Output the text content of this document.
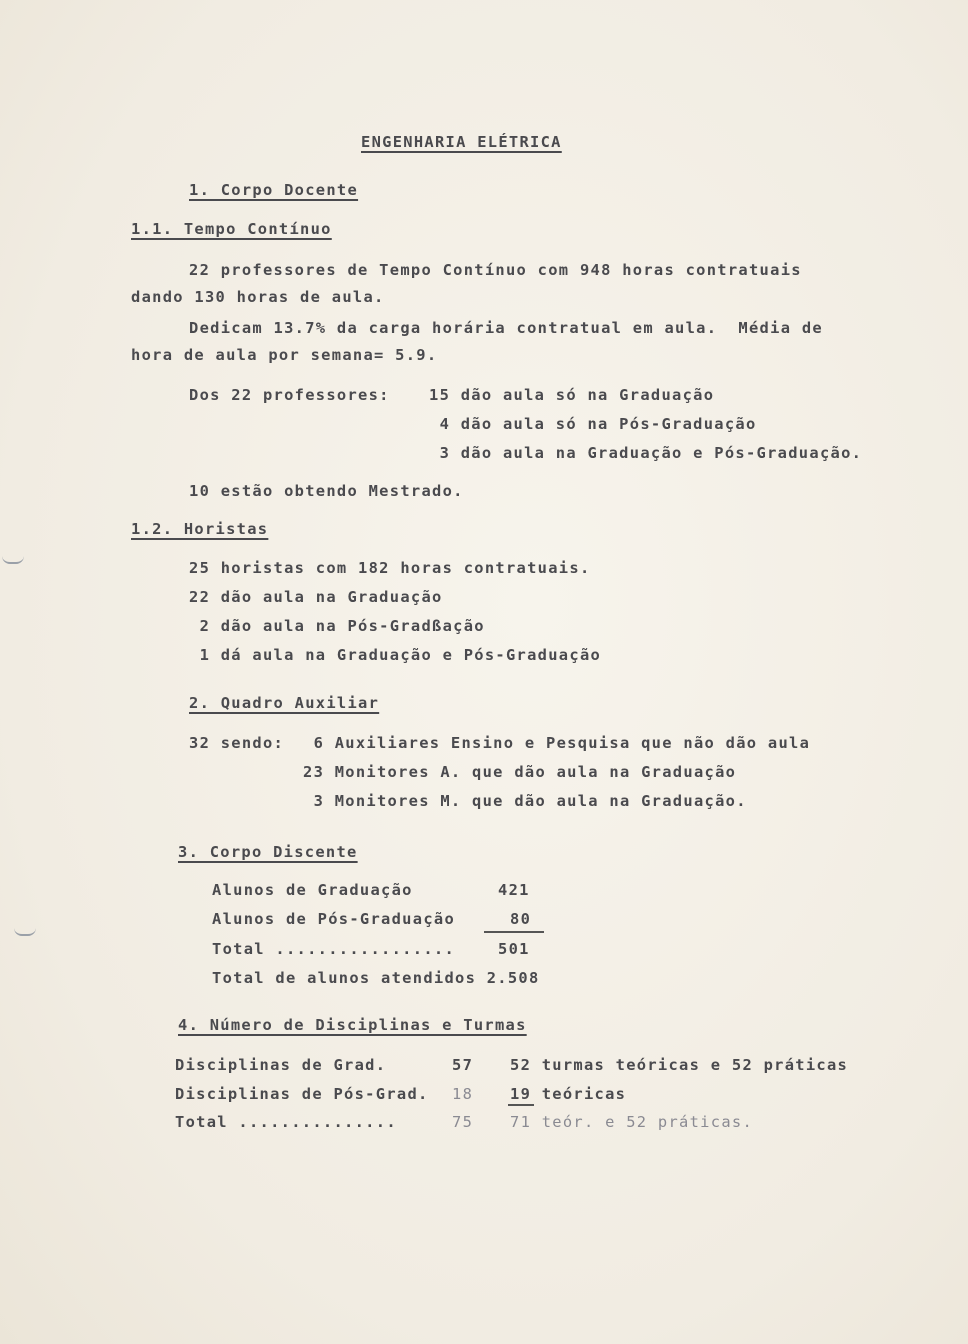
ENGENHARIA ELÉTRICA

1. Corpo Docente

1.1. Tempo Contínuo

22 professores de Tempo Contínuo com 948 horas contratuais

dando 130 horas de aula.

Dedicam 13.7% da carga horária contratual em aula.  Média de

hora de aula por semana= 5.9.

Dos 22 professores:	15 dão aula só na Graduação

4 dão aula só na Pós-Graduação

3 dão aula na Graduação e Pós-Graduação.

10 estão obtendo Mestrado.

1.2. Horistas

25 horistas com 182 horas contratuais.

22 dão aula na Graduação

2 dão aula na Pós-Gradßação

1 dá aula na Graduação e Pós-Graduação

2. Quadro Auxiliar

32 sendo: 6 Auxiliares Ensino e Pesquisa que não dão aula

23 Monitores A. que dão aula na Graduação

3 Monitores M. que dão aula na Graduação.

3. Corpo Discente

Alunos de Graduação	421

Alunos de Pós-Graduação	80

Total .................	501

Total de alunos atendidos 2.508

4. Número de Disciplinas e Turmas

Disciplinas de Grad.	57 52 turmas teóricas e 52 práticas

Disciplinas de Pós-Grad. 18 19 teóricas

Total ...............	75 71 teór. e 52 práticas.
